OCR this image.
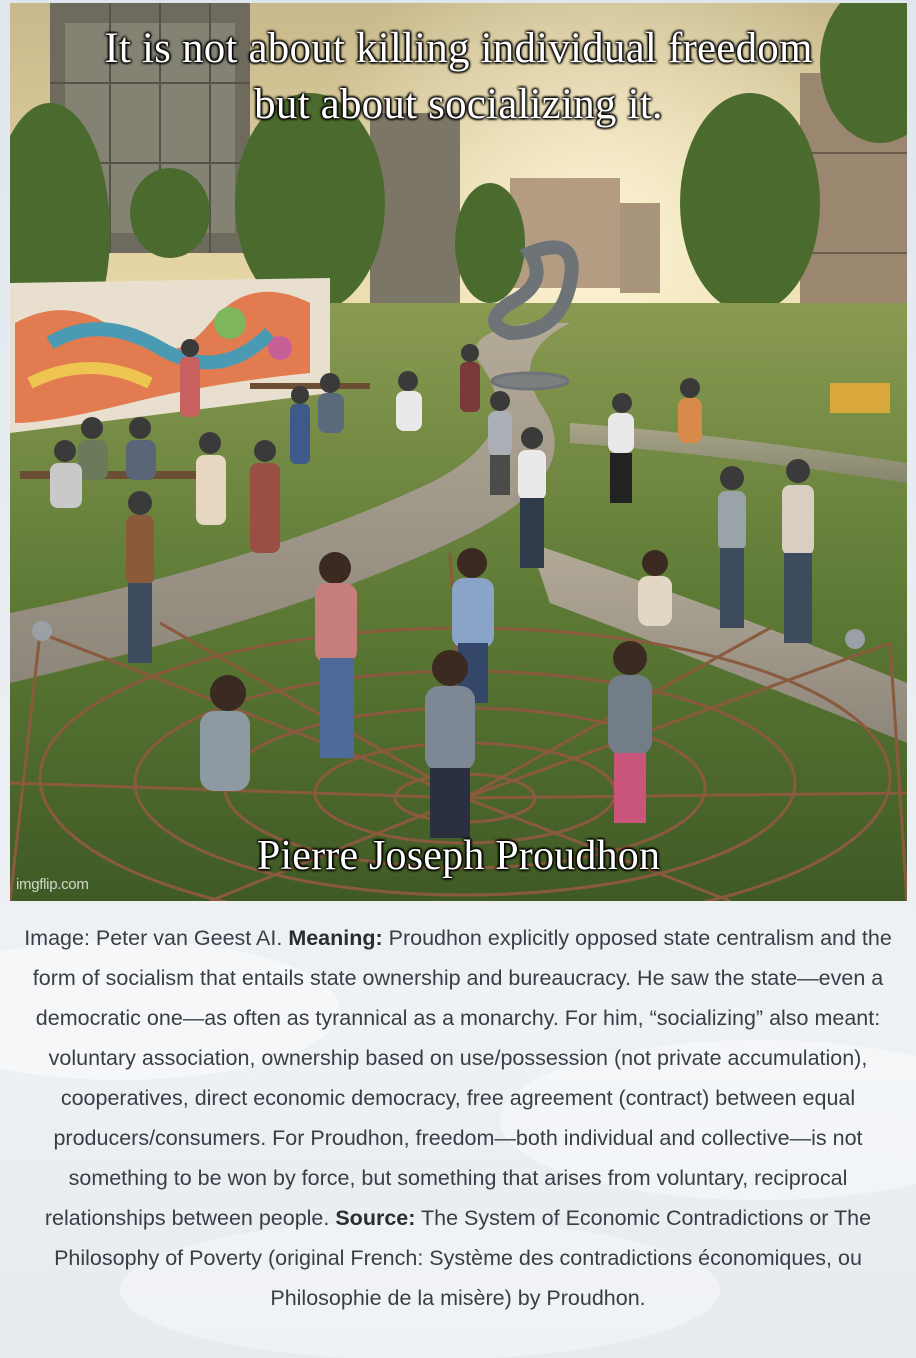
It is not about killing individual freedom
but about socializing it.
Pierre Joseph Proudhon
imgflip.com
Image: Peter van Geest AI. Meaning: Proudhon explicitly opposed state centralism and the form of socialism that entails state ownership and bureaucracy. He saw the state—even a democratic one—as often as tyrannical as a monarchy. For him, “socializing” also meant: voluntary association, ownership based on use/possession (not private accumulation), cooperatives, direct economic democracy, free agreement (contract) between equal producers/consumers. For Proudhon, freedom—both individual and collective—is not something to be won by force, but something that arises from voluntary, reciprocal relationships between people. Source: The System of Economic Contradictions or The Philosophy of Poverty (original French: Système des contradictions économiques, ou Philosophie de la misère) by Proudhon.
